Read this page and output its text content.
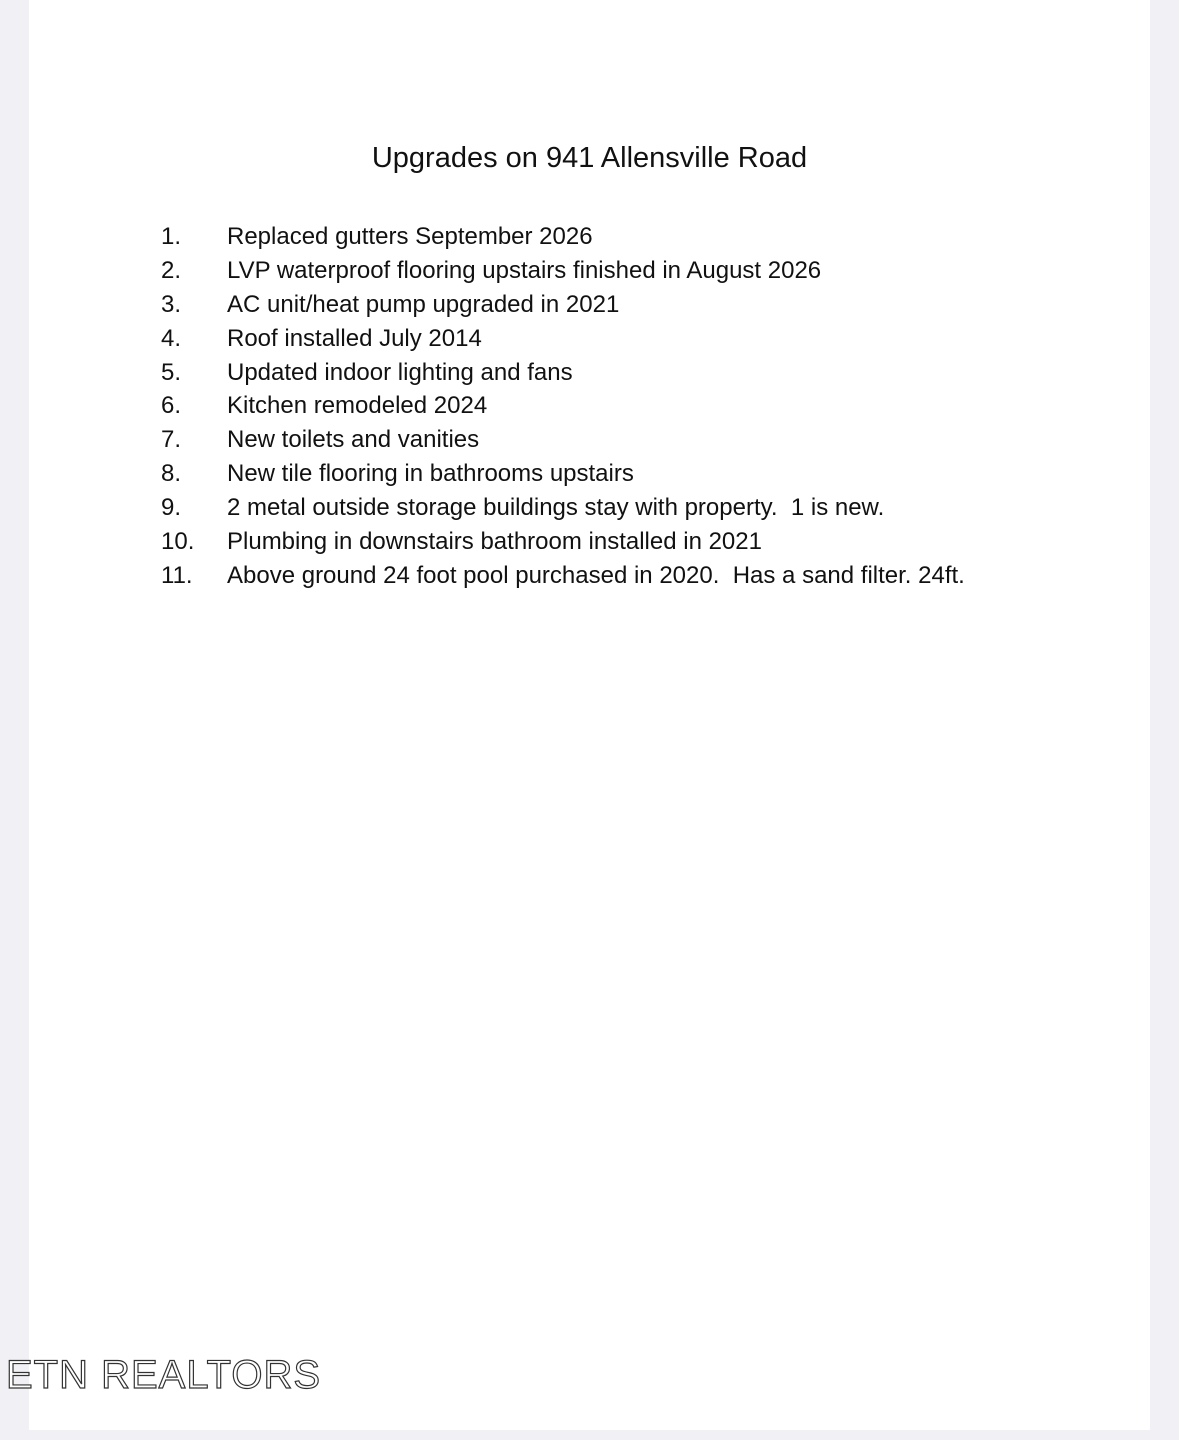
Upgrades on 941 Allensville Road

1.

Replaced gutters September 2026

2.

LVP waterproof flooring upstairs finished in August 2026

3.

AC unit/heat pump upgraded in 2021

4.

Roof installed July 2014

5.

Updated indoor lighting and fans

6.

Kitchen remodeled 2024

7.

New toilets and vanities

8.

New tile flooring in bathrooms upstairs

9.

2 metal outside storage buildings stay with property.  1 is new.

10.

Plumbing in downstairs bathroom installed in 2021

11.

Above ground 24 foot pool purchased in 2020.  Has a sand filter. 24ft.

ETN REALTORS
